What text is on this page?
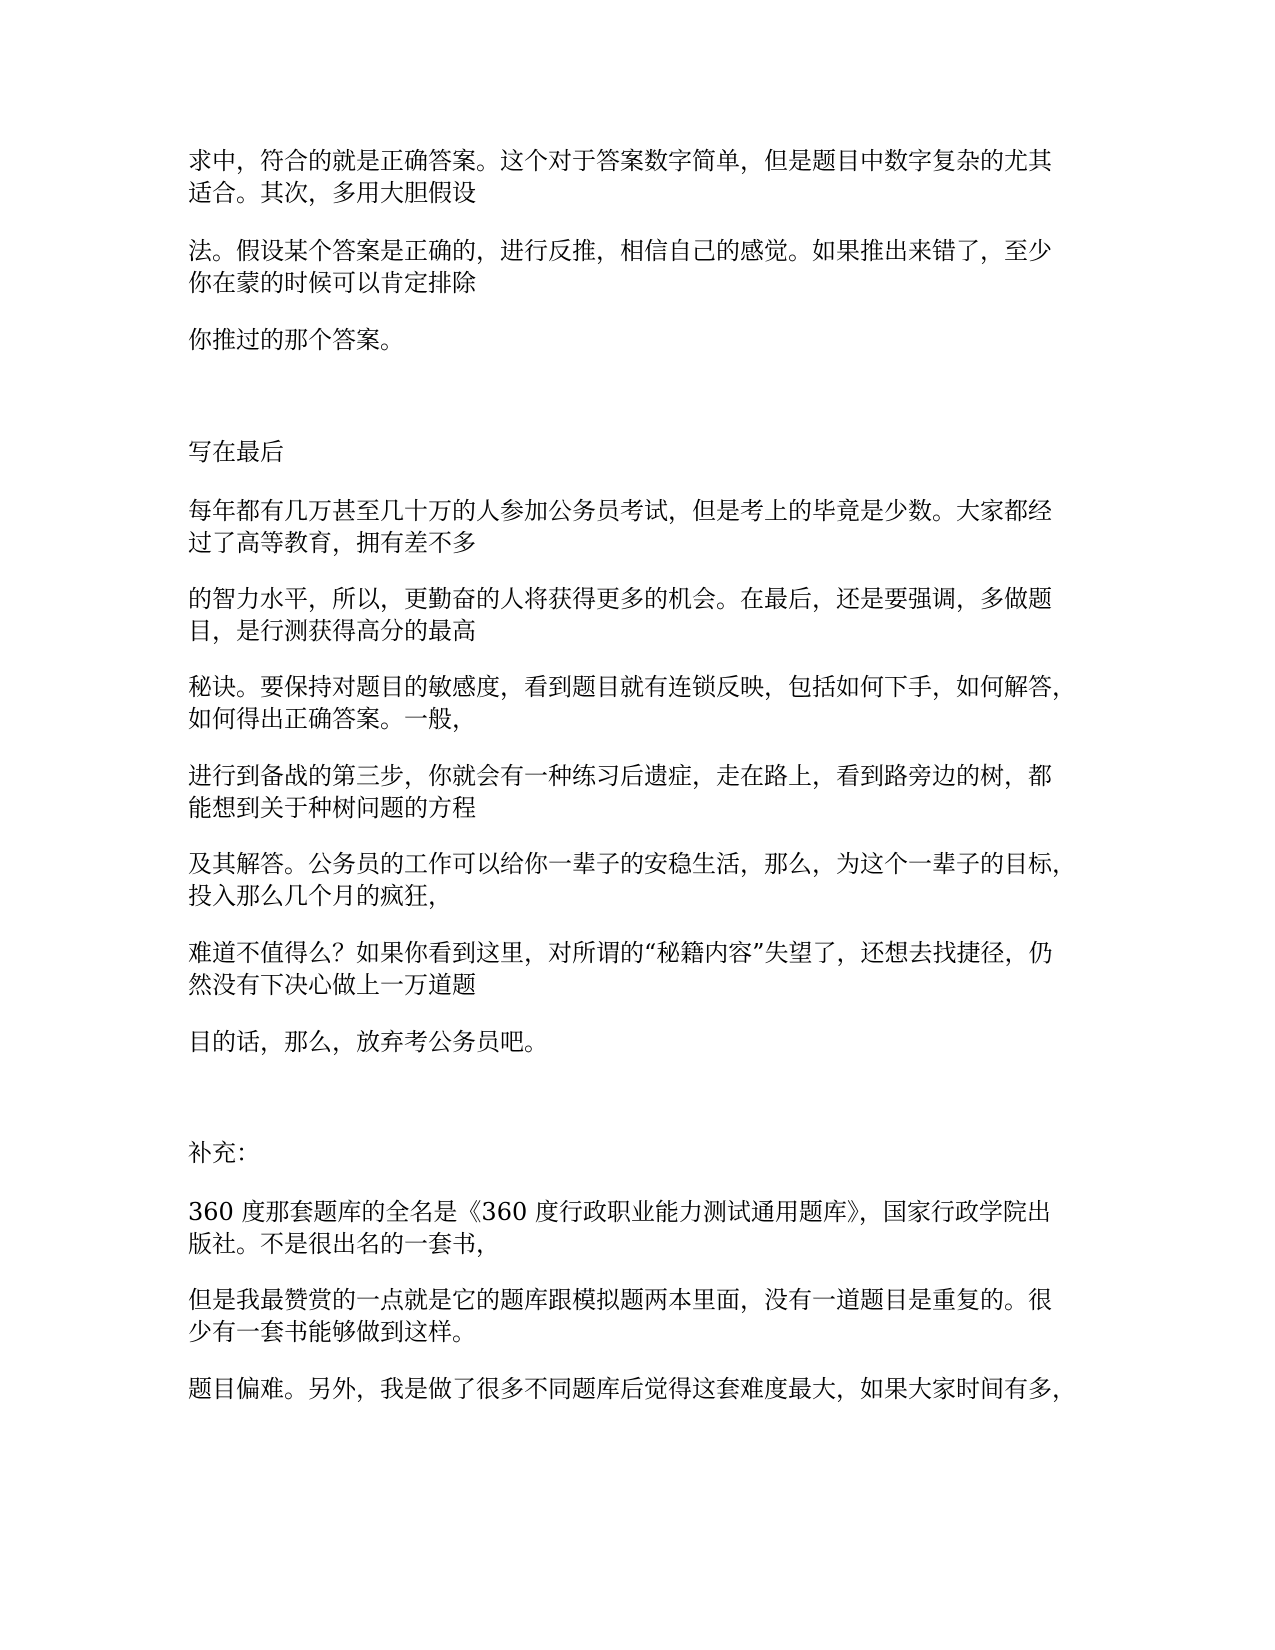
求中，符合的就是正确答案。这个对于答案数字简单，但是题目中数字复杂的尤其
适合。其次，多用大胆假设

法。假设某个答案是正确的，进行反推，相信自己的感觉。如果推出来错了，至少
你在蒙的时候可以肯定排除

你推过的那个答案。

写在最后

每年都有几万甚至几十万的人参加公务员考试，但是考上的毕竟是少数。大家都经
过了高等教育，拥有差不多

的智力水平，所以，更勤奋的人将获得更多的机会。在最后，还是要强调，多做题
目，是行测获得高分的最高

秘诀。要保持对题目的敏感度，看到题目就有连锁反映，包括如何下手，如何解答，
如何得出正确答案。一般，

进行到备战的第三步，你就会有一种练习后遗症，走在路上，看到路旁边的树，都
能想到关于种树问题的方程

及其解答。公务员的工作可以给你一辈子的安稳生活，那么，为这个一辈子的目标，
投入那么几个月的疯狂，

难道不值得么？如果你看到这里，对所谓的“秘籍内容”失望了，还想去找捷径，仍
然没有下决心做上一万道题

目的话，那么，放弃考公务员吧。

补充：

360 度那套题库的全名是《360 度行政职业能力测试通用题库》，国家行政学院出
版社。不是很出名的一套书，

但是我最赞赏的一点就是它的题库跟模拟题两本里面，没有一道题目是重复的。很
少有一套书能够做到这样。

题目偏难。另外，我是做了很多不同题库后觉得这套难度最大，如果大家时间有多，
